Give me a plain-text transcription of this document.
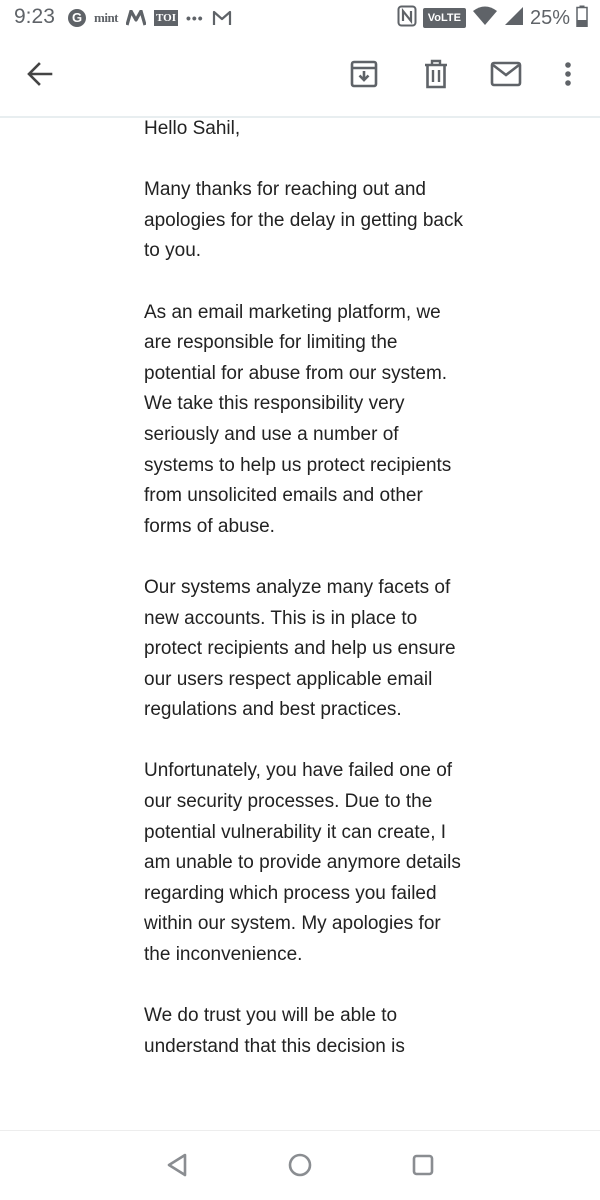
9:23	G mint	TOI •••	VoLTE	25%

Hello Sahil,

Many thanks for reaching out and apologies for the delay in getting back to you.

As an email marketing platform, we are responsible for limiting the potential for abuse from our system. We take this responsibility very seriously and use a number of systems to help us protect recipients from unsolicited emails and other forms of abuse.

Our systems analyze many facets of new accounts. This is in place to protect recipients and help us ensure our users respect applicable email regulations and best practices.

Unfortunately, you have failed one of our security processes. Due to the potential vulnerability it can create, I am unable to provide anymore details regarding which process you failed within our system. My apologies for the inconvenience.

We do trust you will be able to understand that this decision is
